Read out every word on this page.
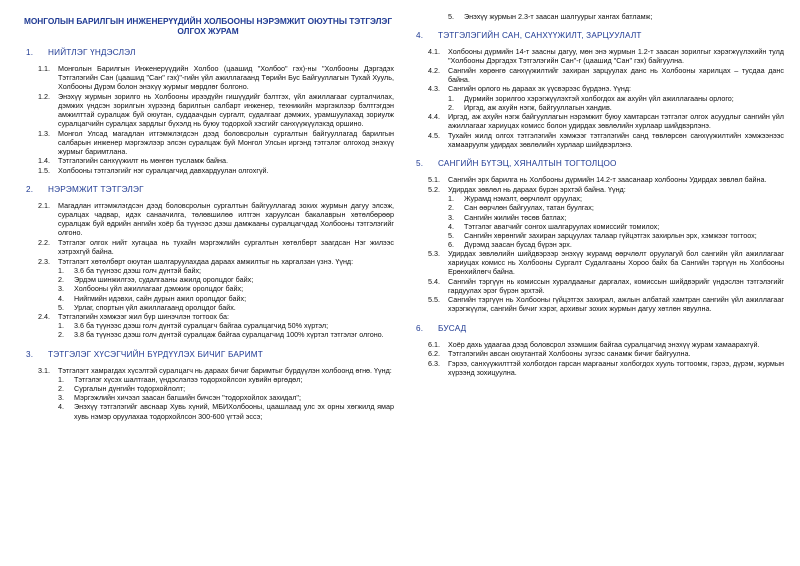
МОНГОЛЫН БАРИЛГЫН ИНЖЕНЕРҮҮДИЙН ХОЛБООНЫ НЭРЭМЖИТ ОЮУТНЫ ТЭТГЭЛЭГ ОЛГОХ ЖУРАМ
1. НИЙТЛЭГ ҮНДЭСЛЭЛ
1.1.	Монголын Барилгын Инженерүүдийн Холбоо (цаашид "Холбоо" гэх)-ны "Холбооны Дэргэдэх Тэтгэлэгийн Сан (цаашид "Сан" гэх)"-гийн үйл ажиллагаанд Төрийн Бус Байгууллагын Тухай Хууль, Холбооны Дүрэм болон энэхүү журмыг мөрдлөг болгоно.
1.2.	Энэхүү журмын зорилго нь Холбооны ирээдүйн гишүүдийг бэлтгэх, үйл ажиллагааг сурталчилах, дэмжих үндсэн зорилгын хүрээнд барилгын салбарт инженер, техникийн мэргэжлээр бэлтгэгдэн амжилттай суралцаж буй оюутан, суддаачдын сургалт, судалгааг дэмжих, урамшуулахад зориулж суралцагчийн суралцах зардлыг бүхэлд нь буюу тодорхой хэсгийг санхүүжүүлэхэд оршино.
1.3.	Монгол Улсад магадлан итгэмжлэгдсэн дээд боловсролын сургалтын байгууллагад барилгын салбарын инженер мэргэжлээр элсэн суралцаж буй Монгол Улсын иргэнд тэтгэлэг олгоход энэхүү журмыг баримтлана.
1.4.	Тэтгэлэгийн санхүүжилт нь мөнгөн тусламж байна.
1.5.	Холбооны тэтгэлэгийг нэг суралцагчид давхардуулан олгохгүй.
2. НЭРЭМЖИТ ТЭТГЭЛЭГ
2.1.	Магадлан итгэмжлэгдсэн дээд боловсролын сургалтын байгууллагад зохих журмын дагуу элсэж, суралцах чадвар, идэх санаачилга, төлөвшилөө илтгэн харуулсан бакалаврын хөтөлбөрөөр суралцаж буй өдрийн ангийн хоёр ба түүнээс дээш дамжааны суралцагчдад Холбооны тэтгэлэгийг олгоно.
2.2.	Тэтгэлэг олгох нийт хугацаа нь тухайн мэргэжлийн сургалтын хөтөлбөрт заагдсан Нэг жилээс хэтрэхгүй байна.
2.3.	Тэтгэлэгт хөтөлбөрт оюутан шалгаруулахдаа дараах амжилтыг нь харгалзан үзнэ. Үүнд:
1.	3.6 ба түүнээс дээш голч дүнтэй байх;
2.	Эрдэм шинжилгээ, судалгааны ажилд оролцдог байх;
3.	Холбооны үйл ажиллагааг дэмжиж оролцдог байх;
4.	Нийгмийн идэвхи, сайн дурын ажил оролцдог байх;
5.	Урлаг, спортын үйл ажиллагаанд оролцдог байх.
2.4.	Тэтгэлэгийн хэмжээг жил бүр шинэчлэн тогтоох ба:
1.	3.6 ба түүнээс дээш голч дүнтэй суралцагч байгаа суралцагчид 50% хүртэл;
2.	3.8 ба түүнээс дээш голч дүнтэй суралцаж байгаа суралцагчид 100% хүртэл тэтгэлэг олгоно.
3. ТЭТГЭЛЭГ ХҮСЭГЧИЙН БҮРДҮҮЛЭХ БИЧИГ БАРИМТ
3.1.	Тэтгэлэгт хамрагдах хүсэлтэй суралцагч нь дараах бичиг баримтыг бүрдүүлэн холбоонд өгнө. Үүнд:
1.	Тэтгэлэг хүсэх шалтгаан, үндэслэлээ тодорхойлсон хувийн өргөдөл;
2.	Сургалын дүнгийн тодорхойлолт;
3.	Мэргэжлийн хичээл заасан багшийн бичсэн "тодорхойлох захидал";
4.	Энэхүү тэтгэлэгийг авснаар Хувь хүний, МБИХолбооны, цаашлаад улс эх орны хөгжилд ямар хувь нэмэр оруулахаа тодорхойлсон 300-600 үгтэй эссэ;
5.	Энэхүү журмын 2.3-т заасан шалгуурыг хангах батламж;
4. ТЭТГЭЛЭГИЙН САН, САНХҮҮЖИЛТ, ЗАРЦУУЛАЛТ
4.1.	Холбооны дүрмийн 14-т заасны дагуу, мөн энэ журмын 1.2-т заасан зорилгыг хэрэгжүүлэхийн тулд "Холбооны Дэргэдэх Тэтгэлэгийн Сан"-г (цаашид "Сан" гэх) байгуулна.
4.2.	Сангийн хөрөнгө санхүүжилтийг захиран зарцуулах данс нь Холбооны харилцах – тусдаа данс байна.
4.3.	Сангийн орлого нь дараах эх үүсвэрээс бүрдэнэ. Үүнд:
1.	Дүрмийн зорилгоо хэрэгжүүлэхтэй холбогдох аж ахуйн үйл ажиллагааны орлого;
2.	Иргэд, аж ахуйн нэгж, байгууллагын хандив.
4.4.	Иргэд, аж ахуйн нэгж байгууллагын нэрэмжит буюу хамтарсан тэтгэлэг олгох асуудлыг сангийн үйл ажиллагааг хариуцах комисс болон удирдах зөвлөлийн хурлаар шийдвэрлэнэ.
4.5.	Тухайн жилд олгох тэтгэлэгийн хэмжээг тэтгэлэгийн санд төвлөрсөн санхүүжилтийн хэмжээнээс хамааруулж удирдах зөвлөлийн хурлаар шийдвэрлэнэ.
5. САНГИЙН БҮТЭЦ, ХЯНАЛТЫН ТОГТОЛЦОО
5.1.	Сангийн эрх барилга нь Холбооны дүрмийн 14.2-т заасанаар холбооны Удирдах зөвлөл байна.
5.2.	Удирдах зөвлөл нь дараах бүрэн эрхтэй байна. Үүнд:
1.	Журамд нэмэлт, өөрчлөлт оруулах;
2.	Сан өөрчлөн байгуулах, татан буулгах;
3.	Сангийн жилийн төсөв батлах;
4.	Тэтгэлэг авагчийг сонгох шалгаруулах комиссийг томилох;
5.	Сангийн хөрөнгийг захиран зарцуулах талаар гүйцэтгэх захирлын эрх, хэмжээг тогтоох;
6.	Дүрэмд заасан бусад бүрэн эрх.
5.3.	Удирдах зөвлөлийн шийдвэрээр энэхүү журамд өөрчлөлт оруулагуй бол сангийн үйл ажиллагааг хариуцах комисс нь Холбооны Сургалт Судалгааны Хороо байх ба Сангийн тэргүүн нь Холбооны Ерөнхийлөгч байна.
5.4.	Сангийн тэргүүн нь комиссын хуралдааныг даргалах, комиссын шийдвэрийг үндэслэн тэтгэлэгийг гардуулах эрэг бүрэн эрхтэй.
5.5.	Сангийн тэргүүн нь Холбооны гүйцэтгэх захирал, ажлын албатай хамтран сангийн үйл ажиллагааг хэрэгжүүлж, сангийн бичиг хэрэг, архивыг зохих журмын дагуу хөтлөн явуулна.
6. БУСАД
6.1.	Хоёр дахь удаагаа дээд боловсрол эзэмшиж байгаа суралцагчид энэхүү журам хамаарахгүй.
6.2.	Тэтгэлэгийн авсан оюутантай Холбооны зүгээс санамж бичиг байгуулна.
6.3.	Гэрээ, санхүүжилттэй холбогдон гарсан маргааныг холбогдох хууль тогтоомж, гэрээ, дүрэм, журмын хүрээнд зохицуулна.
